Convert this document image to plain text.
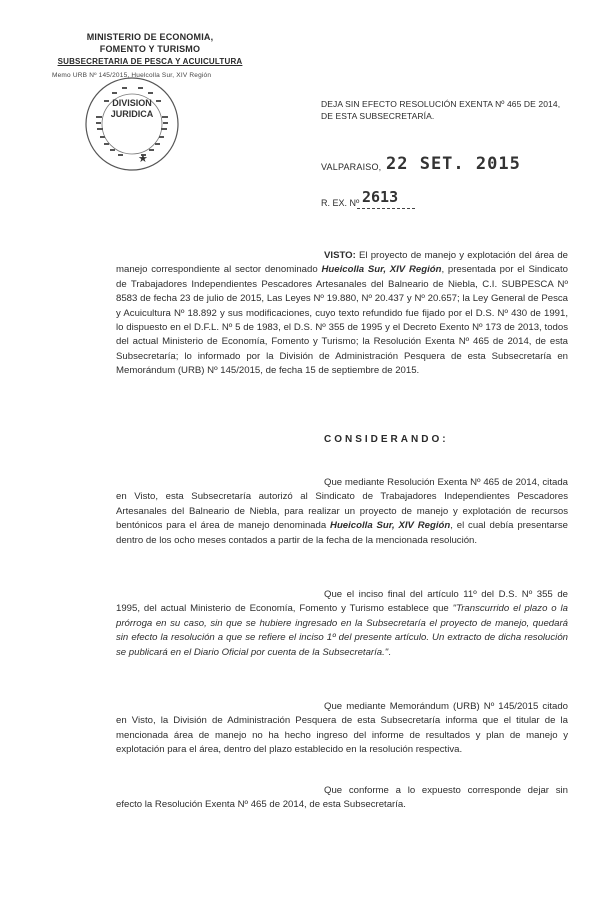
MINISTERIO DE ECONOMIA,
FOMENTO Y TURISMO
SUBSECRETARIA DE PESCA Y ACUICULTURA
Memo URB Nº 145/2015, Huelcolla Sur, XIV Región
DIVISION
JURIDICA
★
DEJA SIN EFECTO RESOLUCIÓN EXENTA Nº 465 DE 2014, DE ESTA SUBSECRETARÍA.
VALPARAISO, 22 SET. 2015
R. EX. Nº 2613

VISTO: El proyecto de manejo y explotación del área de manejo correspondiente al sector denominado Hueicolla Sur, XIV Región, presentada por el Sindicato de Trabajadores Independientes Pescadores Artesanales del Balneario de Niebla, C.I. SUBPESCA Nº 8583 de fecha 23 de julio de 2015, Las Leyes Nº 19.880, Nº 20.437 y Nº 20.657; la Ley General de Pesca y Acuicultura Nº 18.892 y sus modificaciones, cuyo texto refundido fue fijado por el D.S. Nº 430 de 1991, lo dispuesto en el D.F.L. Nº 5 de 1983, el D.S. Nº 355 de 1995 y el Decreto Exento Nº 173 de 2013, todos del actual Ministerio de Economía, Fomento y Turismo; la Resolución Exenta Nº 465 de 2014, de esta Subsecretaría; lo informado por la División de Administración Pesquera de esta Subsecretaría en Memorándum (URB) Nº 145/2015, de fecha 15 de septiembre de 2015.

CONSIDERANDO:

Que mediante Resolución Exenta Nº 465 de 2014, citada en Visto, esta Subsecretaría autorizó al Sindicato de Trabajadores Independientes Pescadores Artesanales del Balneario de Niebla, para realizar un proyecto de manejo y explotación de recursos bentónicos para el área de manejo denominada Hueicolla Sur, XIV Región, el cual debía presentarse dentro de los ocho meses contados a partir de la fecha de la mencionada resolución.

Que el inciso final del artículo 11º del D.S. Nº 355 de 1995, del actual Ministerio de Economía, Fomento y Turismo establece que "Transcurrido el plazo o la prórroga en su caso, sin que se hubiere ingresado en la Subsecretaría el proyecto de manejo, quedará sin efecto la resolución a que se refiere el inciso 1º del presente artículo. Un extracto de dicha resolución se publicará en el Diario Oficial por cuenta de la Subsecretaría.".

Que mediante Memorándum (URB) Nº 145/2015 citado en Visto, la División de Administración Pesquera de esta Subsecretaría informa que el titular de la mencionada área de manejo no ha hecho ingreso del informe de resultados y plan de manejo y explotación para el área, dentro del plazo establecido en la resolución respectiva.

Que conforme a lo expuesto corresponde dejar sin efecto la Resolución Exenta Nº 465 de 2014, de esta Subsecretaría.
